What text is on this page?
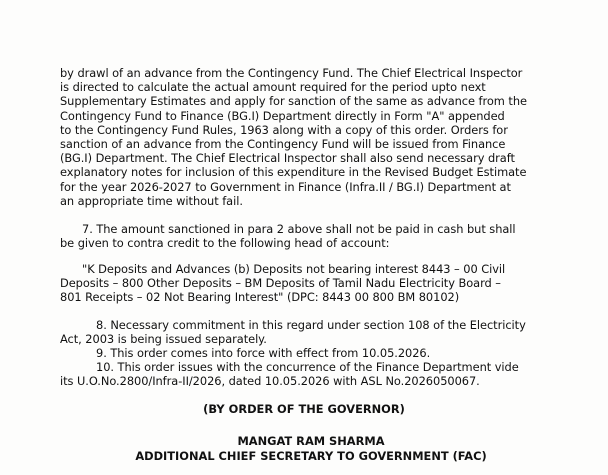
by drawl of an advance from the Contingency Fund. The Chief Electrical Inspector
is directed to calculate the actual amount required for the period upto next
Supplementary Estimates and apply for sanction of the same as advance from the
Contingency Fund to Finance (BG.I) Department directly in Form "A" appended
to the Contingency Fund Rules, 1963 along with a copy of this order. Orders for
sanction of an advance from the Contingency Fund will be issued from Finance
(BG.I) Department. The Chief Electrical Inspector shall also send necessary draft
explanatory notes for inclusion of this expenditure in the Revised Budget Estimate
for the year 2026-2027 to Government in Finance (Infra.II / BG.I) Department at
an appropriate time without fail.
7. The amount sanctioned in para 2 above shall not be paid in cash but shall
be given to contra credit to the following head of account:
"K Deposits and Advances (b) Deposits not bearing interest 8443 – 00 Civil
Deposits – 800 Other Deposits – BM Deposits of Tamil Nadu Electricity Board –
801 Receipts – 02 Not Bearing Interest" (DPC: 8443 00 800 BM 80102)
8. Necessary commitment in this regard under section 108 of the Electricity
Act, 2003 is being issued separately.
9. This order comes into force with effect from 10.05.2026.
10. This order issues with the concurrence of the Finance Department vide
its U.O.No.2800/Infra-II/2026, dated 10.05.2026 with ASL No.2026050067.
(BY ORDER OF THE GOVERNOR)
MANGAT RAM SHARMA
ADDITIONAL CHIEF SECRETARY TO GOVERNMENT (FAC)
